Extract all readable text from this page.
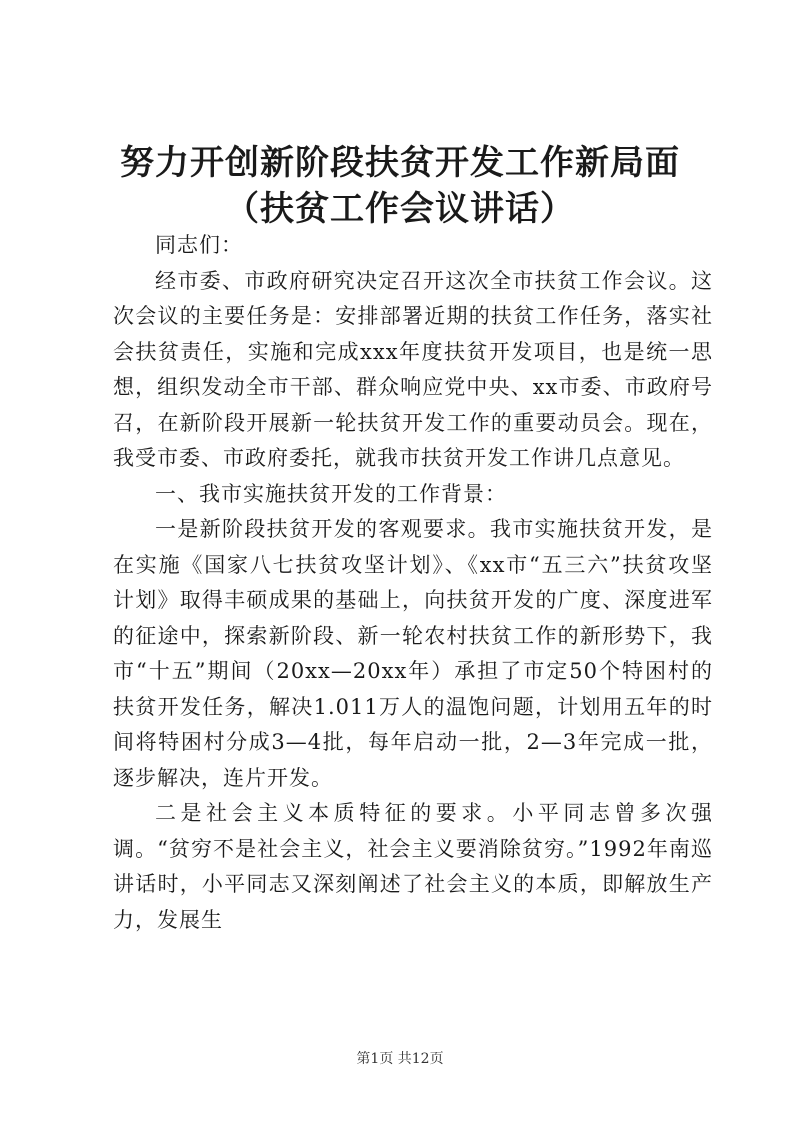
努力开创新阶段扶贫开发工作新局面（扶贫工作会议讲话）

同志们：

经市委、市政府研究决定召开这次全市扶贫工作会议。这次会议的主要任务是：安排部署近期的扶贫工作任务，落实社会扶贫责任，实施和完成xxx年度扶贫开发项目，也是统一思想，组织发动全市干部、群众响应党中央、xx市委、市政府号召，在新阶段开展新一轮扶贫开发工作的重要动员会。现在，我受市委、市政府委托，就我市扶贫开发工作讲几点意见。

一、我市实施扶贫开发的工作背景：

一是新阶段扶贫开发的客观要求。我市实施扶贫开发，是在实施《国家八七扶贫攻坚计划》、《xx市“五三六”扶贫攻坚计划》取得丰硕成果的基础上，向扶贫开发的广度、深度进军的征途中，探索新阶段、新一轮农村扶贫工作的新形势下，我市“十五”期间（20xx—20xx年）承担了市定50个特困村的扶贫开发任务，解决1.011万人的温饱问题，计划用五年的时间将特困村分成3—4批，每年启动一批，2—3年完成一批，逐步解决，连片开发。

二是社会主义本质特征的要求。小平同志曾多次强调。“贫穷不是社会主义，社会主义要消除贫穷。”1992年南巡讲话时，小平同志又深刻阐述了社会主义的本质，即解放生产力，发展生

第1页 共12页
